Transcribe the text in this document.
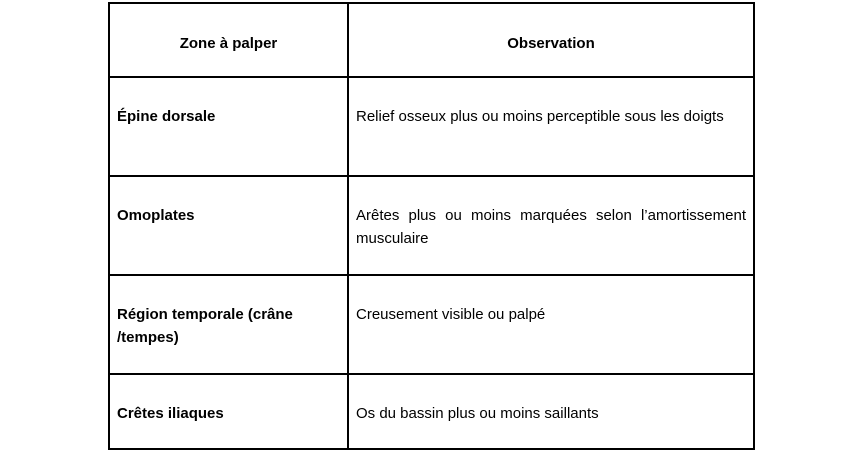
Zone à palper	Observation
Épine dorsale	Relief osseux plus ou moins perceptible sous les doigts
Omoplates	Arêtes plus ou moins marquées selon l’amortissement musculaire
Région temporale (crâne /tempes)	Creusement visible ou palpé
Crêtes iliaques	Os du bassin plus ou moins saillants
